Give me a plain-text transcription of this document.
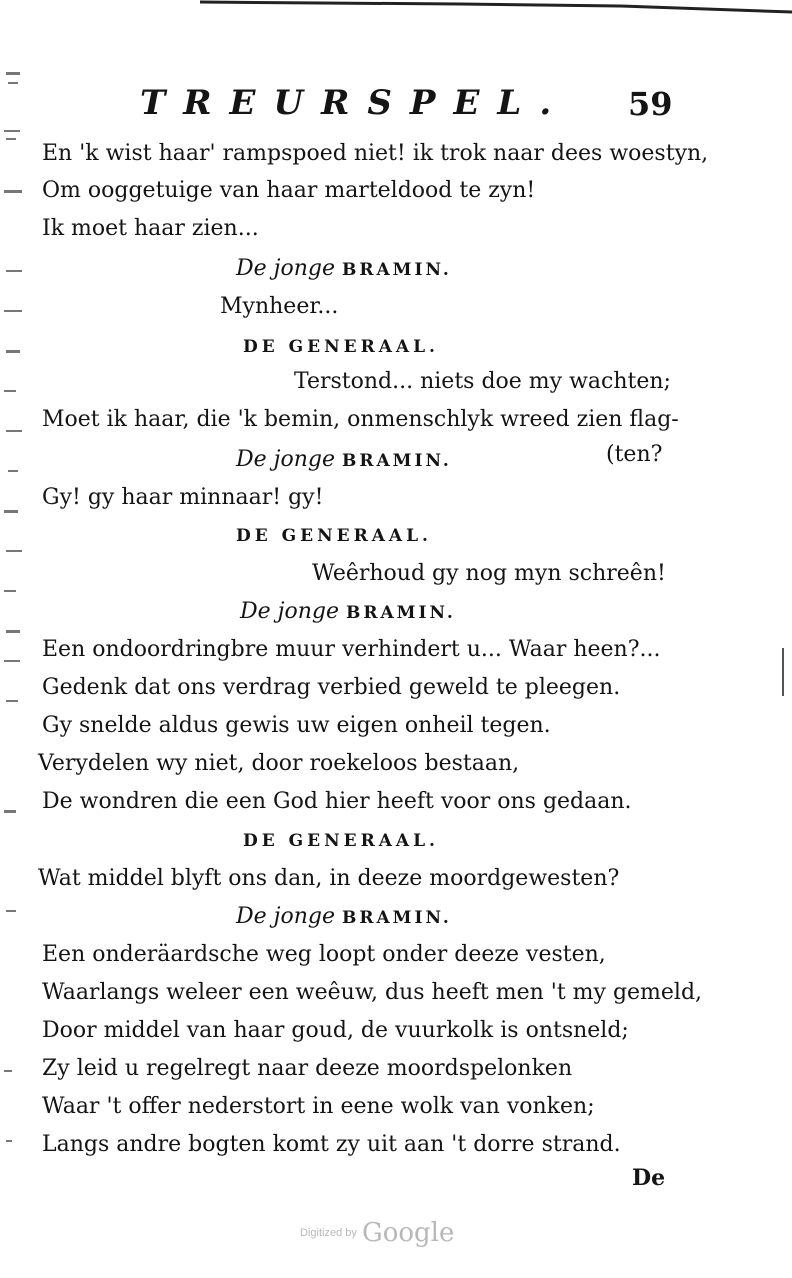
TREURSPEL. 59
En 'k wist haar' rampspoed niet! ik trok naar dees woestyn,
Om ooggetuige van haar marteldood te zyn!
Ik moet haar zien...
De jonge BRAMIN.
Mynheer...
DE GENERAAL.
Terstond... niets doe my wachten;
Moet ik haar, die 'k bemin, onmenschlyk wreed zien flag-
De jonge BRAMIN.	(ten?
Gy! gy haar minnaar! gy!
DE GENERAAL.
Weêrhoud gy nog myn schreên!
De jonge BRAMIN.
Een ondoordringbre muur verhindert u... Waar heen?...
Gedenk dat ons verdrag verbied geweld te pleegen.
Gy snelde aldus gewis uw eigen onheil tegen.
Verydelen wy niet, door roekeloos bestaan,
De wondren die een God hier heeft voor ons gedaan.
DE GENERAAL.
Wat middel blyft ons dan, in deeze moordgewesten?
De jonge BRAMIN.
Een onderäardsche weg loopt onder deeze vesten,
Waarlangs weleer een weêuw, dus heeft men 't my gemeld,
Door middel van haar goud, de vuurkolk is ontsneld;
Zy leid u regelregt naar deeze moordspelonken
Waar 't offer nederstort in eene wolk van vonken;
Langs andre bogten komt zy uit aan 't dorre strand.
De
Digitized by Google
